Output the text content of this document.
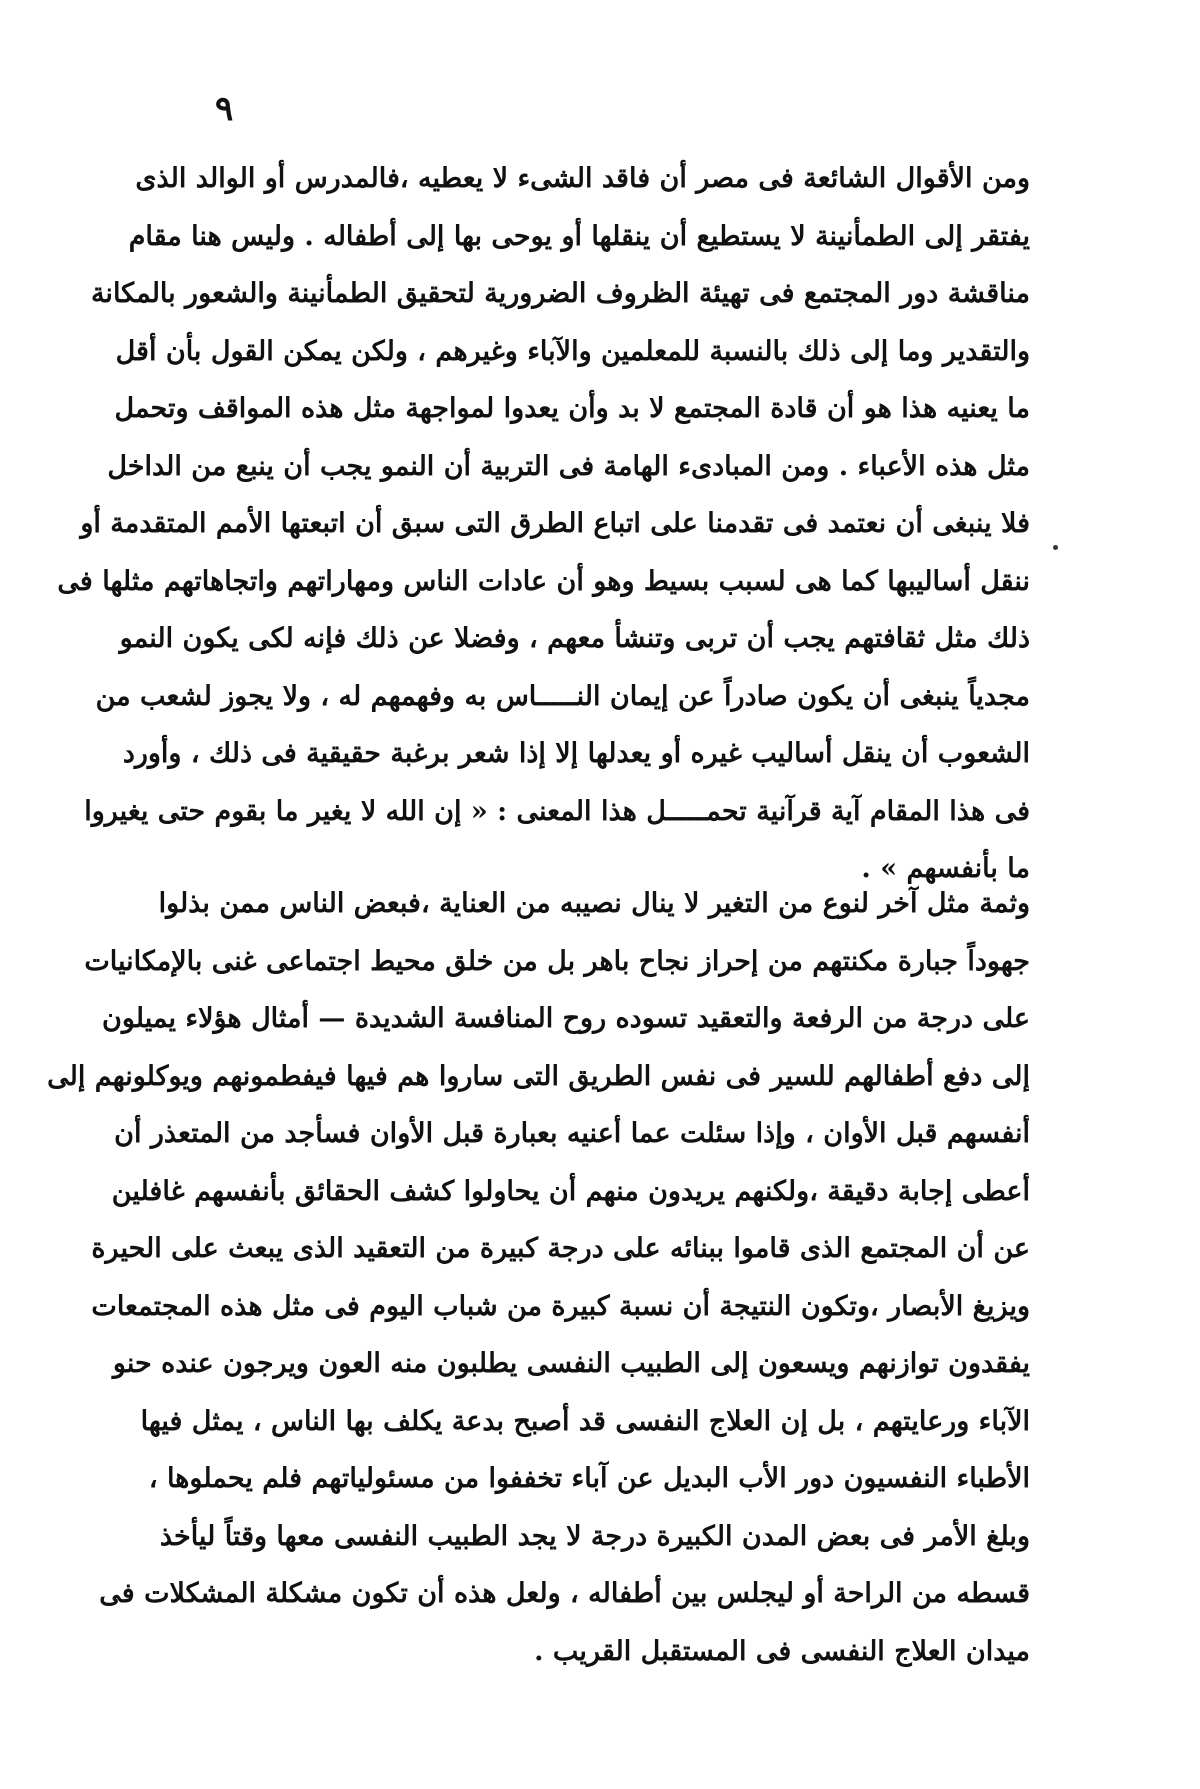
٩
ومن الأقوال الشائعة فى مصر أن فاقد الشىء لا يعطيه ،فالمدرس أو الوالد الذى
يفتقر إلى الطمأنينة لا يستطيع أن ينقلها أو يوحى بها إلى أطفاله . وليس هنا مقام
مناقشة دور المجتمع فى تهيئة الظروف الضرورية لتحقيق الطمأنينة والشعور بالمكانة
والتقدير وما إلى ذلك بالنسبة للمعلمين والآباء وغيرهم ، ولكن يمكن القول بأن أقل
ما يعنيه هذا هو أن قادة المجتمع لا بد وأن يعدوا لمواجهة مثل هذه المواقف وتحمل
مثل هذه الأعباء . ومن المبادىء الهامة فى التربية أن النمو يجب أن ينبع من الداخل
فلا ينبغى أن نعتمد فى تقدمنا على اتباع الطرق التى سبق أن اتبعتها الأمم المتقدمة أو
ننقل أساليبها كما هى لسبب بسيط وهو أن عادات الناس ومهاراتهم واتجاهاتهم مثلها فى
ذلك مثل ثقافتهم يجب أن تربى وتنشأ معهم ، وفضلا عن ذلك فإنه لكى يكون النمو
مجدياً ينبغى أن يكون صادراً عن إيمان النـــــاس به وفهمهم له ، ولا يجوز لشعب من
الشعوب أن ينقل أساليب غيره أو يعدلها إلا إذا شعر برغبة حقيقية فى ذلك ، وأورد
فى هذا المقام آية قرآنية تحمـــــل هذا المعنى : « إن الله لا يغير ما بقوم حتى يغيروا
ما بأنفسهم » .
وثمة مثل آخر لنوع من التغير لا ينال نصيبه من العناية ،فبعض الناس ممن بذلوا
جهوداً جبارة مكنتهم من إحراز نجاح باهر بل من خلق محيط اجتماعى غنى بالإمكانيات
على درجة من الرفعة والتعقيد تسوده روح المنافسة الشديدة — أمثال هؤلاء يميلون
إلى دفع أطفالهم للسير فى نفس الطريق التى ساروا هم فيها فيفطمونهم ويوكلونهم إلى
أنفسهم قبل الأوان ، وإذا سئلت عما أعنيه بعبارة قبل الأوان فسأجد من المتعذر أن
أعطى إجابة دقيقة ،ولكنهم يريدون منهم أن يحاولوا كشف الحقائق بأنفسهم غافلين
عن أن المجتمع الذى قاموا ببنائه على درجة كبيرة من التعقيد الذى يبعث على الحيرة
ويزيغ الأبصار ،وتكون النتيجة أن نسبة كبيرة من شباب اليوم فى مثل هذه المجتمعات
يفقدون توازنهم ويسعون إلى الطبيب النفسى يطلبون منه العون ويرجون عنده حنو
الآباء ورعايتهم ، بل إن العلاج النفسى قد أصبح بدعة يكلف بها الناس ، يمثل فيها
الأطباء النفسيون دور الأب البديل عن آباء تخففوا من مسئولياتهم فلم يحملوها ،
وبلغ الأمر فى بعض المدن الكبيرة درجة لا يجد الطبيب النفسى معها وقتاً ليأخذ
قسطه من الراحة أو ليجلس بين أطفاله ، ولعل هذه أن تكون مشكلة المشكلات فى
ميدان العلاج النفسى فى المستقبل القريب .
